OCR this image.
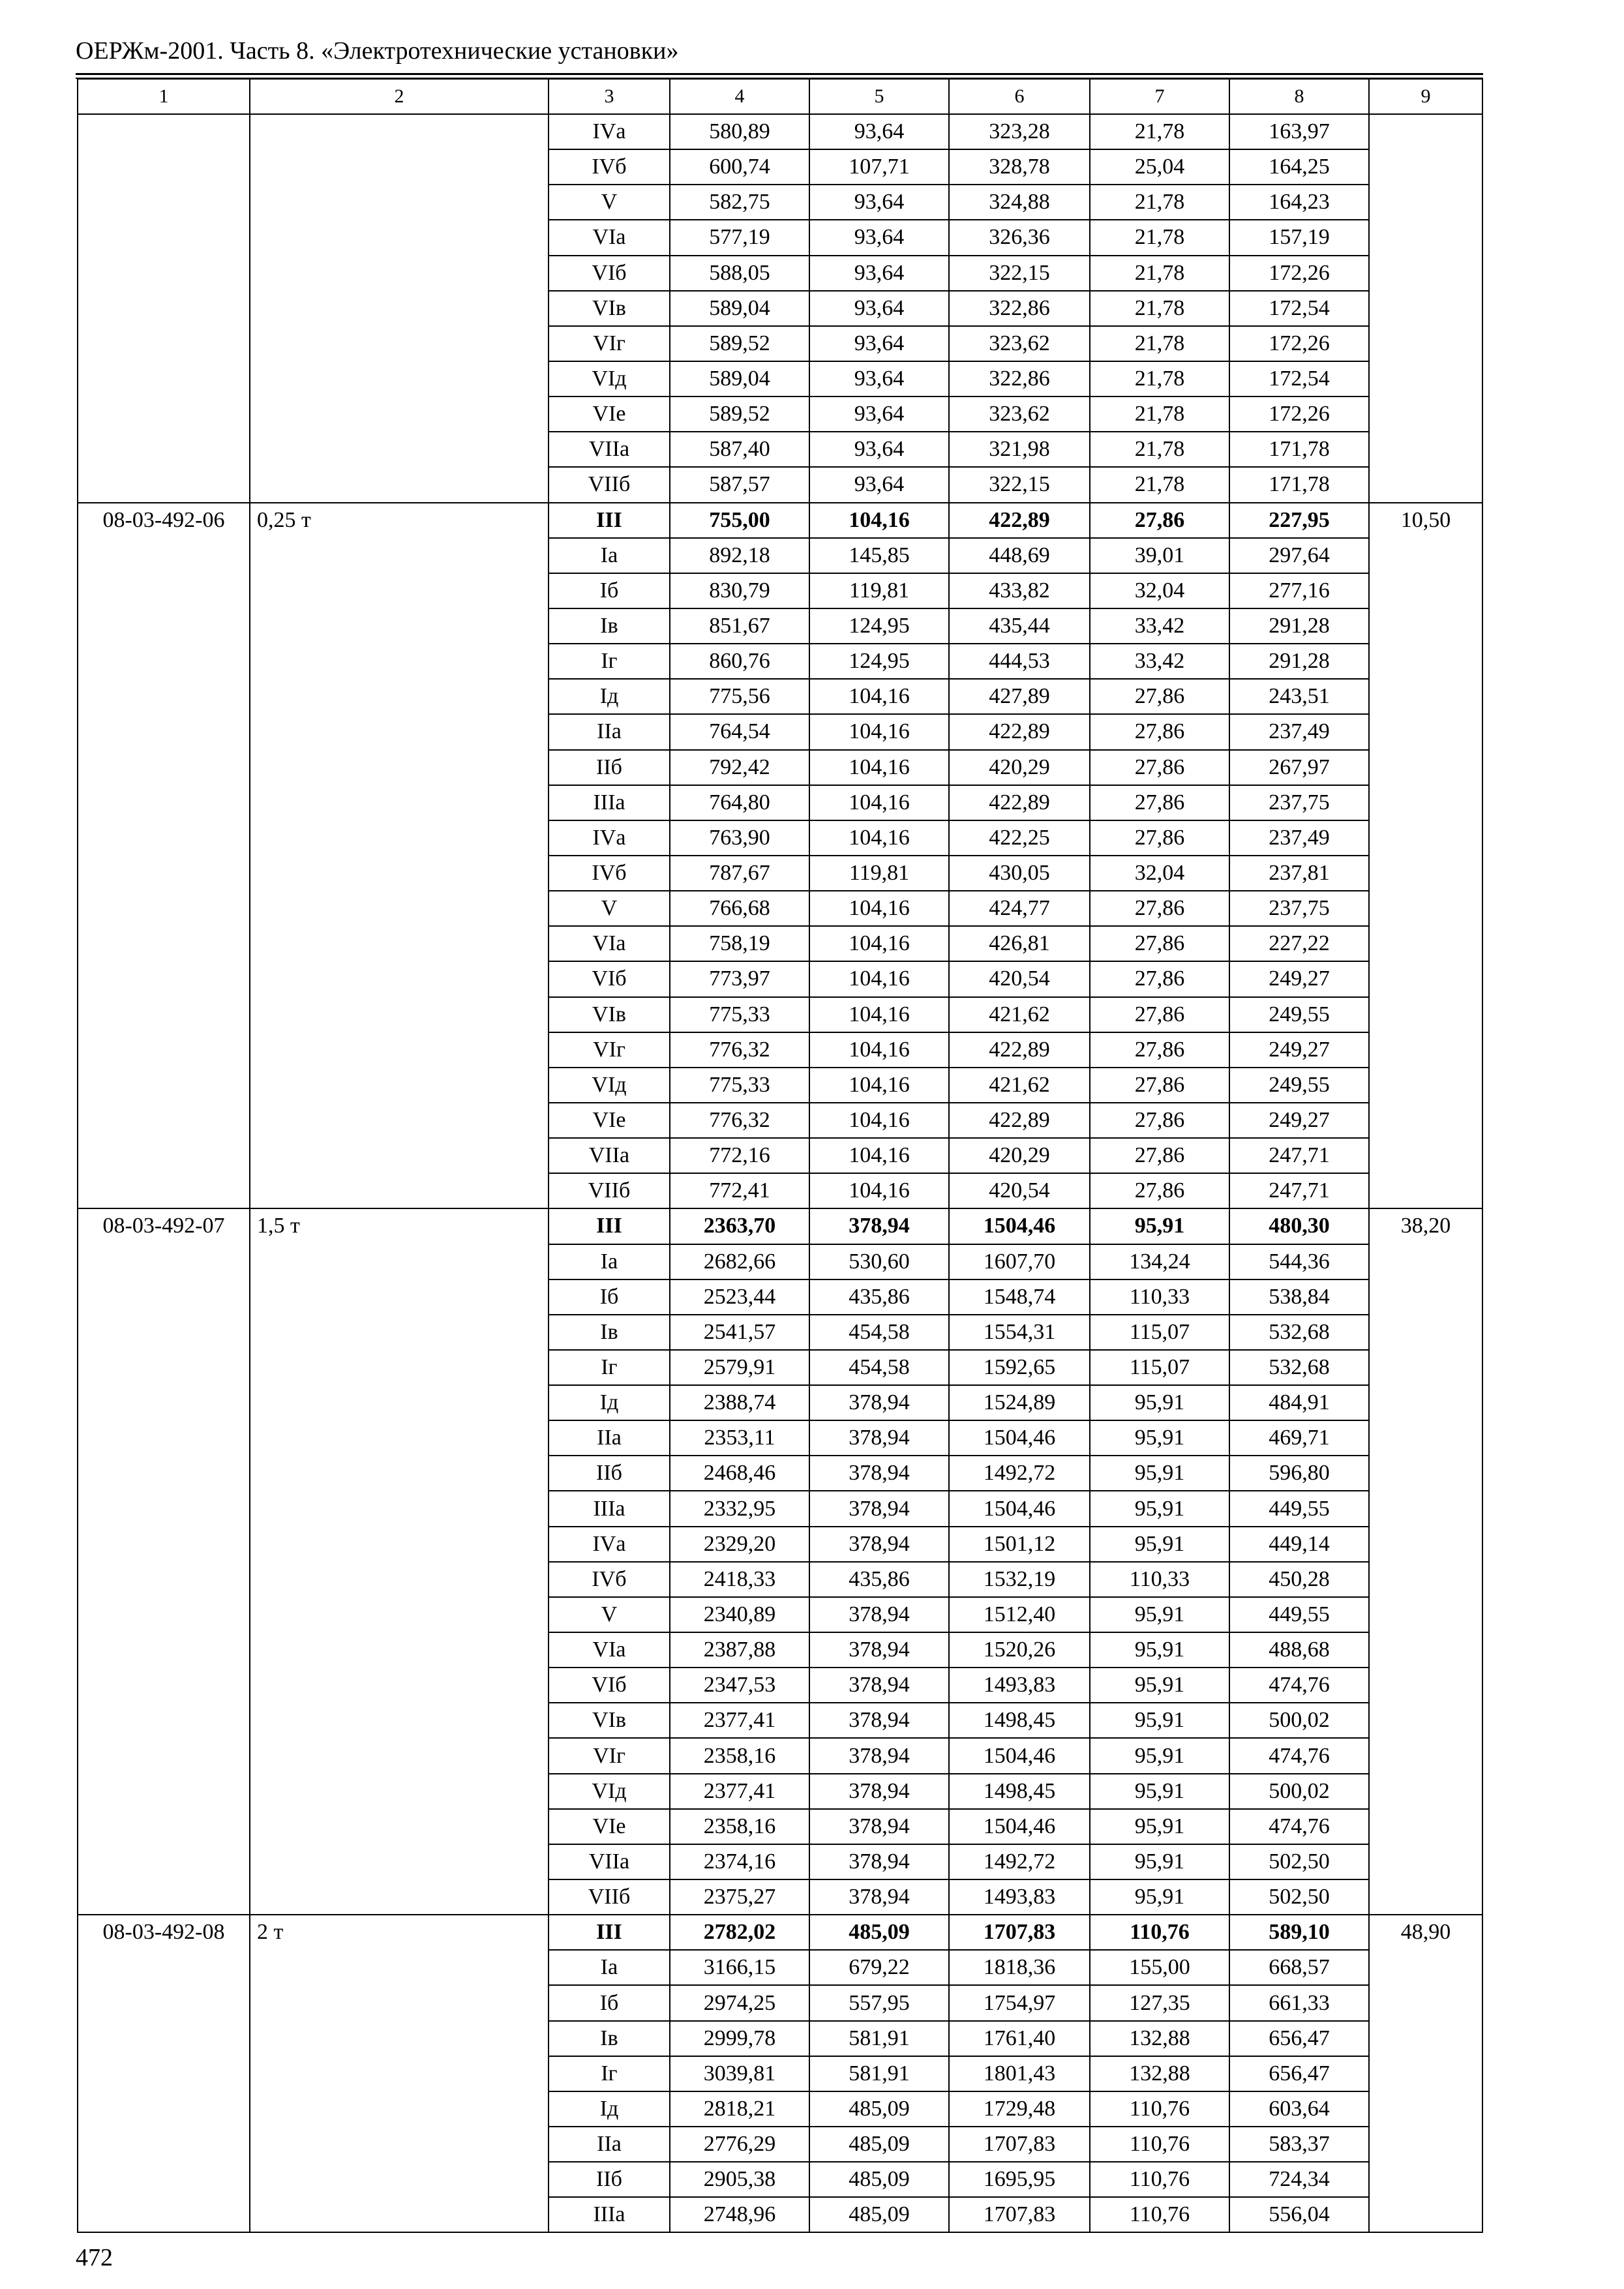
ОЕРЖм-2001. Часть 8. «Электротехнические установки»
1	2	3	4	5	6	7	8	9
		IVа	580,89	93,64	323,28	21,78	163,97	
		IVб	600,74	107,71	328,78	25,04	164,25	
		V	582,75	93,64	324,88	21,78	164,23	
		VIа	577,19	93,64	326,36	21,78	157,19	
		VIб	588,05	93,64	322,15	21,78	172,26	
		VIв	589,04	93,64	322,86	21,78	172,54	
		VIг	589,52	93,64	323,62	21,78	172,26	
		VIд	589,04	93,64	322,86	21,78	172,54	
		VIе	589,52	93,64	323,62	21,78	172,26	
		VIIа	587,40	93,64	321,98	21,78	171,78	
		VIIб	587,57	93,64	322,15	21,78	171,78	
08-03-492-06	0,25 т	III	755,00	104,16	422,89	27,86	227,95	10,50
		Iа	892,18	145,85	448,69	39,01	297,64	
		Iб	830,79	119,81	433,82	32,04	277,16	
		Iв	851,67	124,95	435,44	33,42	291,28	
		Iг	860,76	124,95	444,53	33,42	291,28	
		Iд	775,56	104,16	427,89	27,86	243,51	
		IIа	764,54	104,16	422,89	27,86	237,49	
		IIб	792,42	104,16	420,29	27,86	267,97	
		IIIа	764,80	104,16	422,89	27,86	237,75	
		IVа	763,90	104,16	422,25	27,86	237,49	
		IVб	787,67	119,81	430,05	32,04	237,81	
		V	766,68	104,16	424,77	27,86	237,75	
		VIа	758,19	104,16	426,81	27,86	227,22	
		VIб	773,97	104,16	420,54	27,86	249,27	
		VIв	775,33	104,16	421,62	27,86	249,55	
		VIг	776,32	104,16	422,89	27,86	249,27	
		VIд	775,33	104,16	421,62	27,86	249,55	
		VIе	776,32	104,16	422,89	27,86	249,27	
		VIIа	772,16	104,16	420,29	27,86	247,71	
		VIIб	772,41	104,16	420,54	27,86	247,71	
08-03-492-07	1,5 т	III	2363,70	378,94	1504,46	95,91	480,30	38,20
		Iа	2682,66	530,60	1607,70	134,24	544,36	
		Iб	2523,44	435,86	1548,74	110,33	538,84	
		Iв	2541,57	454,58	1554,31	115,07	532,68	
		Iг	2579,91	454,58	1592,65	115,07	532,68	
		Iд	2388,74	378,94	1524,89	95,91	484,91	
		IIа	2353,11	378,94	1504,46	95,91	469,71	
		IIб	2468,46	378,94	1492,72	95,91	596,80	
		IIIа	2332,95	378,94	1504,46	95,91	449,55	
		IVа	2329,20	378,94	1501,12	95,91	449,14	
		IVб	2418,33	435,86	1532,19	110,33	450,28	
		V	2340,89	378,94	1512,40	95,91	449,55	
		VIа	2387,88	378,94	1520,26	95,91	488,68	
		VIб	2347,53	378,94	1493,83	95,91	474,76	
		VIв	2377,41	378,94	1498,45	95,91	500,02	
		VIг	2358,16	378,94	1504,46	95,91	474,76	
		VIд	2377,41	378,94	1498,45	95,91	500,02	
		VIе	2358,16	378,94	1504,46	95,91	474,76	
		VIIа	2374,16	378,94	1492,72	95,91	502,50	
		VIIб	2375,27	378,94	1493,83	95,91	502,50	
08-03-492-08	2 т	III	2782,02	485,09	1707,83	110,76	589,10	48,90
		Iа	3166,15	679,22	1818,36	155,00	668,57	
		Iб	2974,25	557,95	1754,97	127,35	661,33	
		Iв	2999,78	581,91	1761,40	132,88	656,47	
		Iг	3039,81	581,91	1801,43	132,88	656,47	
		Iд	2818,21	485,09	1729,48	110,76	603,64	
		IIа	2776,29	485,09	1707,83	110,76	583,37	
		IIб	2905,38	485,09	1695,95	110,76	724,34	
		IIIа	2748,96	485,09	1707,83	110,76	556,04	
472
